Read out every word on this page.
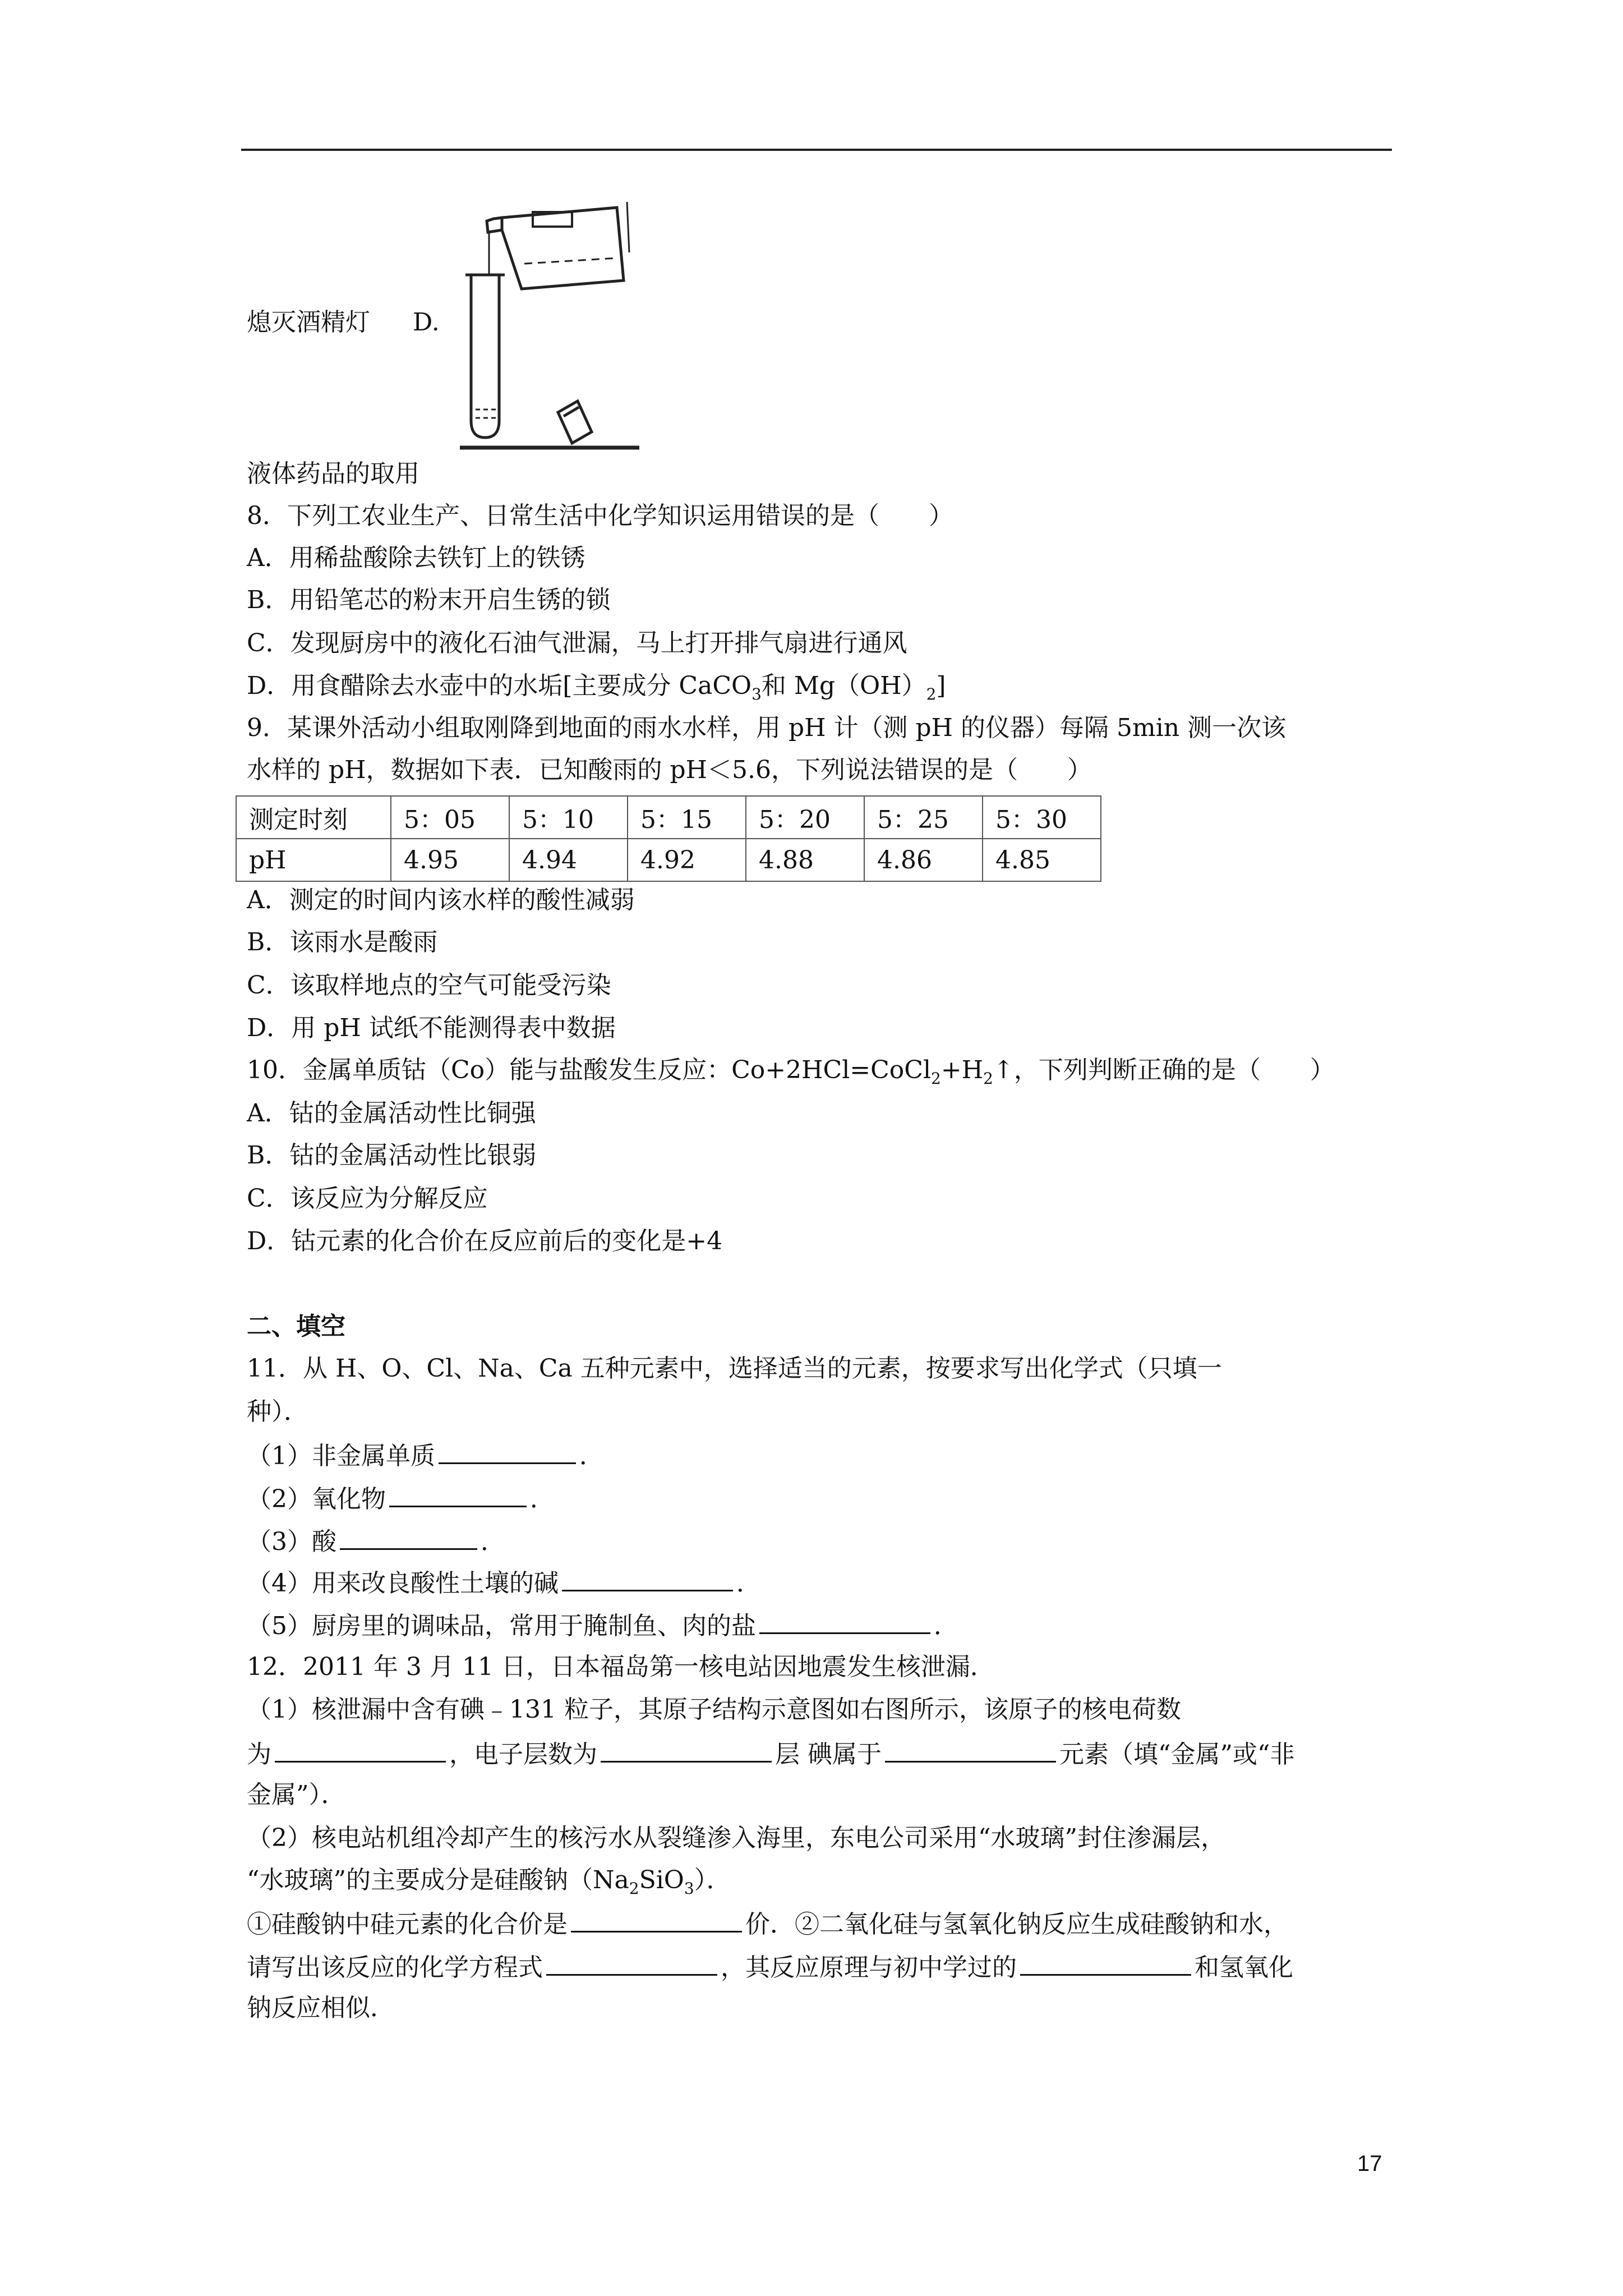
熄灭酒精灯 D.
液体药品的取用
8．下列工农业生产、日常生活中化学知识运用错误的是（　　）
A．用稀盐酸除去铁钉上的铁锈
B．用铅笔芯的粉末开启生锈的锁
C．发现厨房中的液化石油气泄漏，马上打开排气扇进行通风
D．用食醋除去水壶中的水垢[主要成分 CaCO$_3$和 $Mg(OH)_2$]
9．某课外活动小组取刚降到地面的雨水水样，用 pH 计（测 pH 的仪器）每隔 5min 测一次该
水样的 pH，数据如下表．已知酸雨的 pH＜5.6，下列说法错误的是（　　）
测定时刻	5：05	5：10	5：15	5：20	5：25	5：30
pH	4.95	4.94	4.92	4.88	4.86	4.85
A．测定的时间内该水样的酸性减弱
B．该雨水是酸雨
C．该取样地点的空气可能受污染
D．用 pH 试纸不能测得表中数据
10．金属单质钴（Co）能与盐酸发生反应：$Co+2HCl=CoCl_2+H_2↑$，下列判断正确的是（　　）
A．钴的金属活动性比铜强
B．钴的金属活动性比银弱
C．该反应为分解反应
D．钴元素的化合价在反应前后的变化是+4
二、填空
11．从 H、O、Cl、Na、Ca 五种元素中，选择适当的元素，按要求写出化学式（只填一
种）．
（1）非金属单质	．
（2）氧化物	．
（3）酸	．
（4）用来改良酸性土壤的碱	．
（5）厨房里的调味品，常用于腌制鱼、肉的盐	．
12．2011 年 3 月 11 日，日本福岛第一核电站因地震发生核泄漏．
（1）核泄漏中含有碘﹣131 粒子，其原子结构示意图如右图所示，该原子的核电荷数
为	，电子层数为	层 碘属于	元素（填“金属”或“非
金属”）．
（2）核电站机组冷却产生的核污水从裂缝渗入海里，东电公司采用“水玻璃”封住渗漏层，
“水玻璃”的主要成分是硅酸钠$(Na_2SiO_3)$．
①硅酸钠中硅元素的化合价是	价．②二氧化硅与氢氧化钠反应生成硅酸钠和水，
请写出该反应的化学方程式	，其反应原理与初中学过的	和氢氧化
钠反应相似．
17
